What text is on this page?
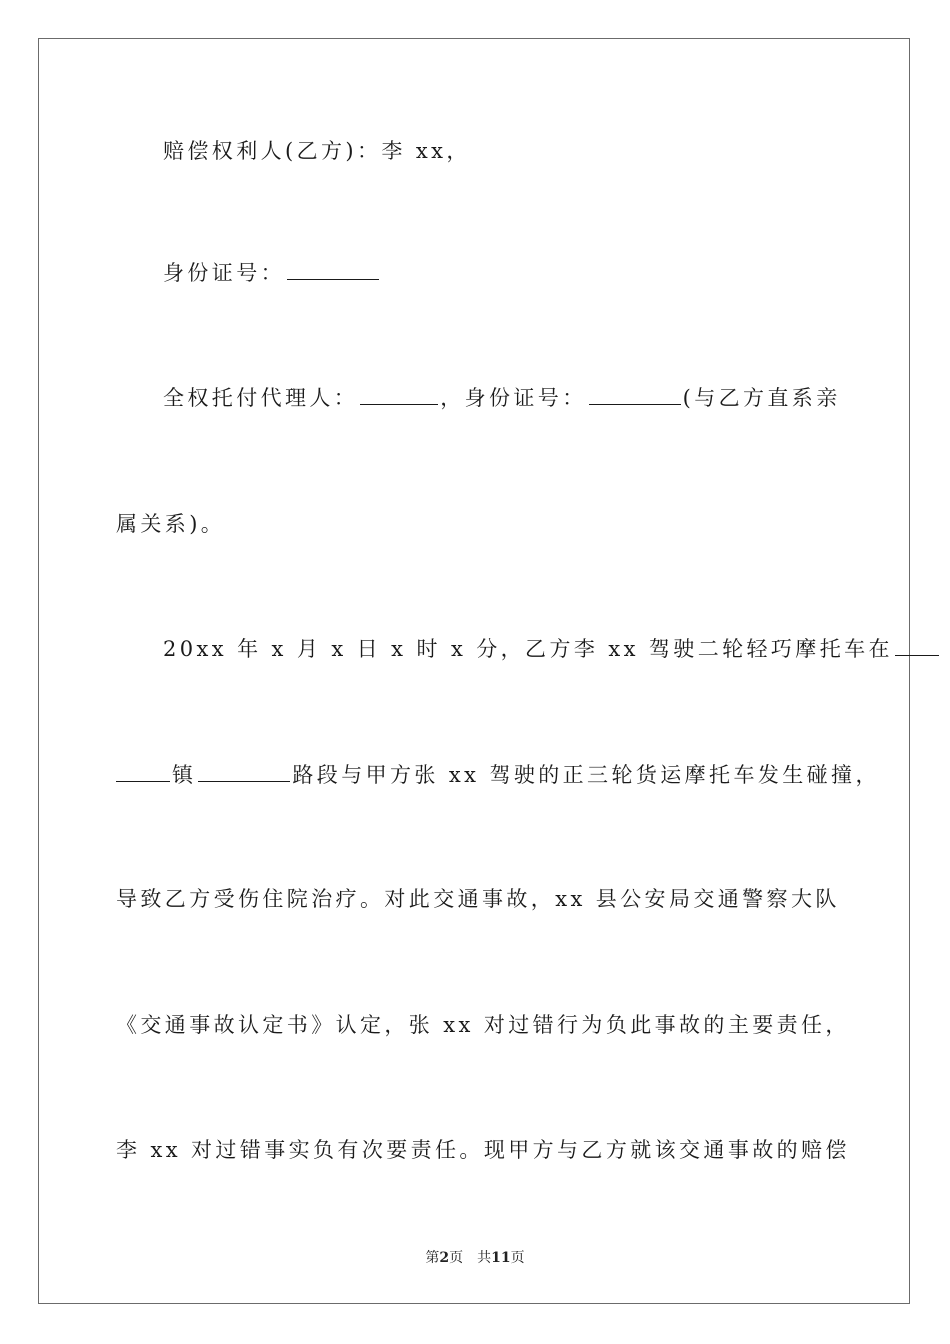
赔偿权利人(乙方)：李 xx，
身份证号：
全权托付代理人：	，身份证号：	(与乙方直系亲
属关系)。
20xx 年 x 月 x 日 x 时 x 分，乙方李 xx 驾驶二轮轻巧摩托车在
镇	路段与甲方张 xx 驾驶的正三轮货运摩托车发生碰撞，
导致乙方受伤住院治疗。对此交通事故，xx 县公安局交通警察大队
《交通事故认定书》认定，张 xx 对过错行为负此事故的主要责任，
李 xx 对过错事实负有次要责任。现甲方与乙方就该交通事故的赔偿
第2页 共11页
